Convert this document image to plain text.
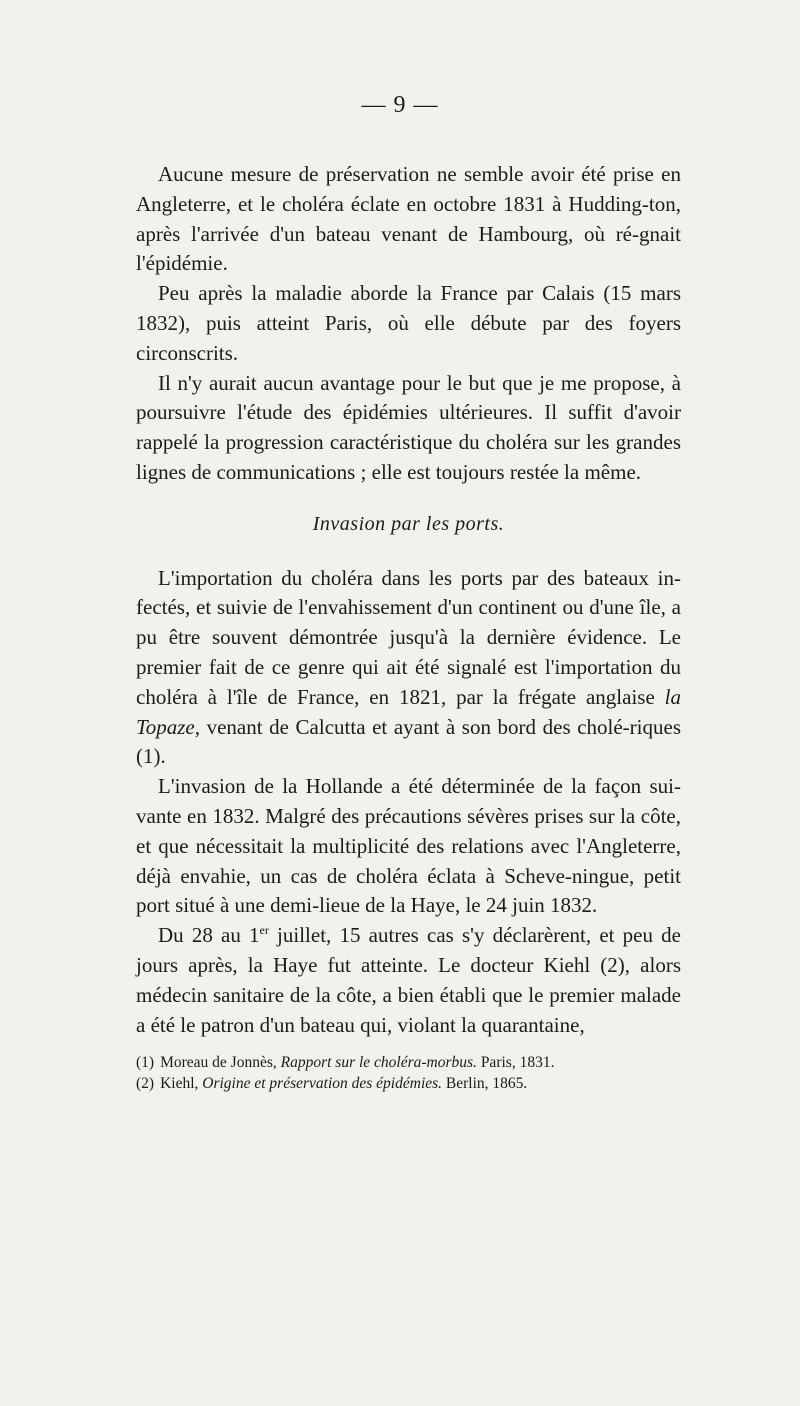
— 9 —

Aucune mesure de préservation ne semble avoir été prise en Angleterre, et le choléra éclate en octobre 1831 à Hudding-ton, après l'arrivée d'un bateau venant de Hambourg, où ré-gnait l'épidémie.

Peu après la maladie aborde la France par Calais (15 mars 1832), puis atteint Paris, où elle débute par des foyers circonscrits.

Il n'y aurait aucun avantage pour le but que je me propose, à poursuivre l'étude des épidémies ultérieures. Il suffit d'avoir rappelé la progression caractéristique du choléra sur les grandes lignes de communications ; elle est toujours restée la même.

Invasion par les ports.

L'importation du choléra dans les ports par des bateaux in-fectés, et suivie de l'envahissement d'un continent ou d'une île, a pu être souvent démontrée jusqu'à la dernière évidence. Le premier fait de ce genre qui ait été signalé est l'importation du choléra à l'île de France, en 1821, par la frégate anglaise la Topaze, venant de Calcutta et ayant à son bord des cholé-riques (1).

L'invasion de la Hollande a été déterminée de la façon sui-vante en 1832. Malgré des précautions sévères prises sur la côte, et que nécessitait la multiplicité des relations avec l'Angleterre, déjà envahie, un cas de choléra éclata à Scheve-ningue, petit port situé à une demi-lieue de la Haye, le 24 juin 1832.

Du 28 au 1er juillet, 15 autres cas s'y déclarèrent, et peu de jours après, la Haye fut atteinte. Le docteur Kiehl (2), alors médecin sanitaire de la côte, a bien établi que le premier malade a été le patron d'un bateau qui, violant la quarantaine,

(1) Moreau de Jonnès, Rapport sur le choléra-morbus. Paris, 1831.

(2) Kiehl, Origine et préservation des épidémies. Berlin, 1865.
